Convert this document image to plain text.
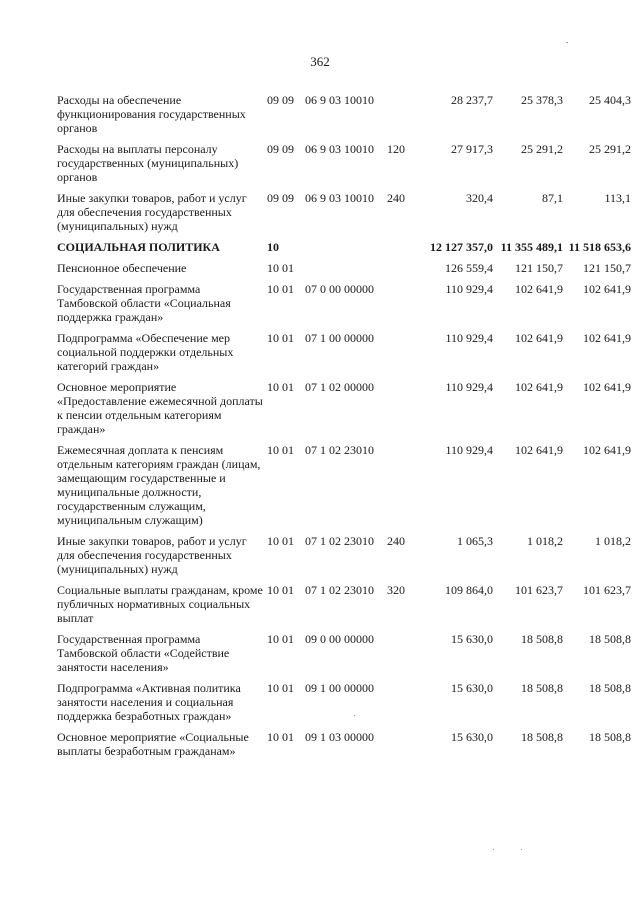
362
Расходы на обеспечение функционирования государственных органов	09 09	06 9 03 10010		28 237,7	25 378,3	25 404,3
Расходы на выплаты персоналу государственных (муниципальных) органов	09 09	06 9 03 10010	120	27 917,3	25 291,2	25 291,2
Иные закупки товаров, работ и услуг для обеспечения государственных (муниципальных) нужд	09 09	06 9 03 10010	240	320,4	87,1	113,1
СОЦИАЛЬНАЯ ПОЛИТИКА	10			12 127 357,0	11 355 489,1	11 518 653,6
Пенсионное обеспечение	10 01			126 559,4	121 150,7	121 150,7
Государственная программа Тамбовской области «Социальная поддержка граждан»	10 01	07 0 00 00000		110 929,4	102 641,9	102 641,9
Подпрограмма «Обеспечение мер социальной поддержки отдельных категорий граждан»	10 01	07 1 00 00000		110 929,4	102 641,9	102 641,9
Основное мероприятие «Предоставление ежемесячной доплаты к пенсии отдельным категориям граждан»	10 01	07 1 02 00000		110 929,4	102 641,9	102 641,9
Ежемесячная доплата к пенсиям отдельным категориям граждан (лицам, замещающим государственные и муниципальные должности, государственным служащим, муниципальным служащим)	10 01	07 1 02 23010		110 929,4	102 641,9	102 641,9
Иные закупки товаров, работ и услуг для обеспечения государственных (муниципальных) нужд	10 01	07 1 02 23010	240	1 065,3	1 018,2	1 018,2
Социальные выплаты гражданам, кроме публичных нормативных социальных выплат	10 01	07 1 02 23010	320	109 864,0	101 623,7	101 623,7
Государственная программа Тамбовской области «Содействие занятости населения»	10 01	09 0 00 00000		15 630,0	18 508,8	18 508,8
Подпрограмма «Активная политика занятости населения и социальная поддержка безработных граждан»	10 01	09 1 00 00000		15 630,0	18 508,8	18 508,8
Основное мероприятие «Социальные выплаты безработным гражданам»	10 01	09 1 03 00000		15 630,0	18 508,8	18 508,8
